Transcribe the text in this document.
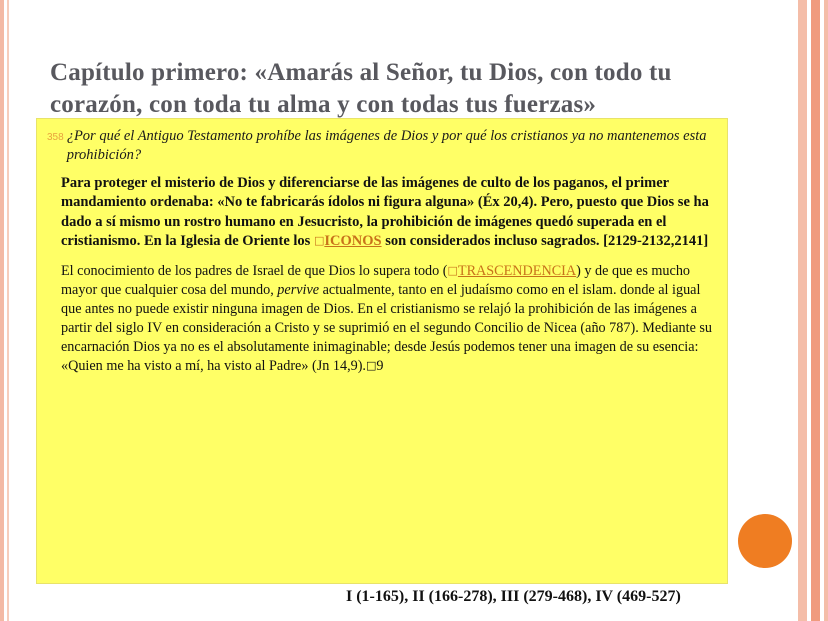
Capítulo primero: «Amarás al Señor, tu Dios, con todo tu corazón, con toda tu alma y con todas tus fuerzas»
358 ¿Por qué el Antiguo Testamento prohíbe las imágenes de Dios y por qué los cristianos ya no mantenemos esta prohibición?

Para proteger el misterio de Dios y diferenciarse de las imágenes de culto de los paganos, el primer mandamiento ordenaba: «No te fabricarás ídolos ni figura alguna» (Éx 20,4). Pero, puesto que Dios se ha dado a sí mismo un rostro humano en Jesucristo, la prohibición de imágenes quedó superada en el cristianismo. En la Iglesia de Oriente los □ICONOS son considerados incluso sagrados. [2129-2132,2141]

El conocimiento de los padres de Israel de que Dios lo supera todo (□TRASCENDENCIA) y de que es mucho mayor que cualquier cosa del mundo, pervive actualmente, tanto en el judaísmo como en el islam. donde al igual que antes no puede existir ninguna imagen de Dios. En el cristianismo se relajó la prohibición de las imágenes a partir del siglo IV en consideración a Cristo y se suprimió en el segundo Concilio de Nicea (año 787). Mediante su encarnación Dios ya no es el absolutamente inimaginable; desde Jesús podemos tener una imagen de su esencia: «Quien me ha visto a mí, ha visto al Padre» (Jn 14,9).□9

I (1-165), II (166-278), III (279-468), IV (469-527)
